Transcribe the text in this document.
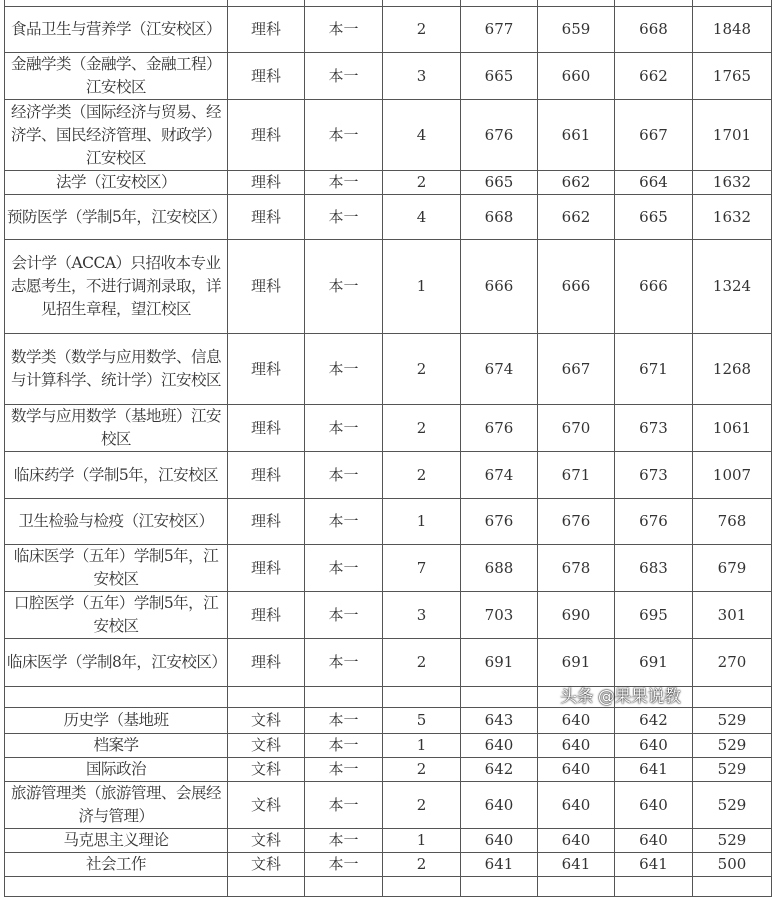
食品卫生与营养学（江安校区）	理科	本一	2	677	659	668	1848
金融学类（金融学、金融工程）江安校区	理科	本一	3	665	660	662	1765
经济学类（国际经济与贸易、经济学、国民经济管理、财政学）江安校区	理科	本一	4	676	661	667	1701
法学（江安校区）	理科	本一	2	665	662	664	1632
预防医学（学制5年，江安校区）	理科	本一	4	668	662	665	1632
会计学（ACCA）只招收本专业志愿考生，不进行调剂录取，详见招生章程，望江校区	理科	本一	1	666	666	666	1324
数学类（数学与应用数学、信息与计算科学、统计学）江安校区	理科	本一	2	674	667	671	1268
数学与应用数学（基地班）江安校区	理科	本一	2	676	670	673	1061
临床药学（学制5年，江安校区	理科	本一	2	674	671	673	1007
卫生检验与检疫（江安校区）	理科	本一	1	676	676	676	768
临床医学（五年）学制5年，江安校区	理科	本一	7	688	678	683	679
口腔医学（五年）学制5年，江安校区	理科	本一	3	703	690	695	301
临床医学（学制8年，江安校区）	理科	本一	2	691	691	691	270

历史学（基地班	文科	本一	5	643	640	642	529
档案学	文科	本一	1	640	640	640	529
国际政治	文科	本一	2	642	640	641	529
旅游管理类（旅游管理、会展经济与管理）	文科	本一	2	640	640	640	529
马克思主义理论	文科	本一	1	640	640	640	529
社会工作	文科	本一	2	641	641	641	500

头条 @果果说教
